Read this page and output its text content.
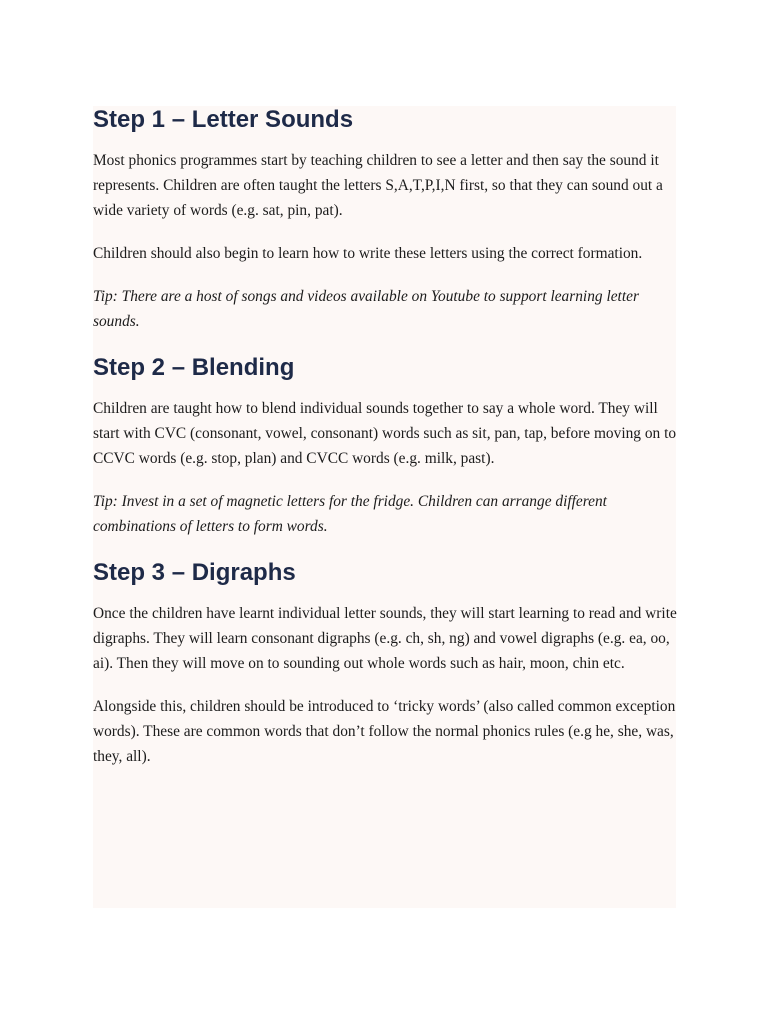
Step 1 – Letter Sounds

Most phonics programmes start by teaching children to see a letter and then say the sound it represents. Children are often taught the letters S,A,T,P,I,N first, so that they can sound out a wide variety of words (e.g. sat, pin, pat).

Children should also begin to learn how to write these letters using the correct formation.

Tip: There are a host of songs and videos available on Youtube to support learning letter sounds.

Step 2 – Blending

Children are taught how to blend individual sounds together to say a whole word. They will start with CVC (consonant, vowel, consonant) words such as sit, pan, tap, before moving on to CCVC words (e.g. stop, plan) and CVCC words (e.g. milk, past).

Tip: Invest in a set of magnetic letters for the fridge. Children can arrange different combinations of letters to form words.

Step 3 – Digraphs

Once the children have learnt individual letter sounds, they will start learning to read and write digraphs. They will learn consonant digraphs (e.g. ch, sh, ng) and vowel digraphs (e.g. ea, oo, ai). Then they will move on to sounding out whole words such as hair, moon, chin etc.

Alongside this, children should be introduced to ‘tricky words’ (also called common exception words). These are common words that don’t follow the normal phonics rules (e.g he, she, was, they, all).
